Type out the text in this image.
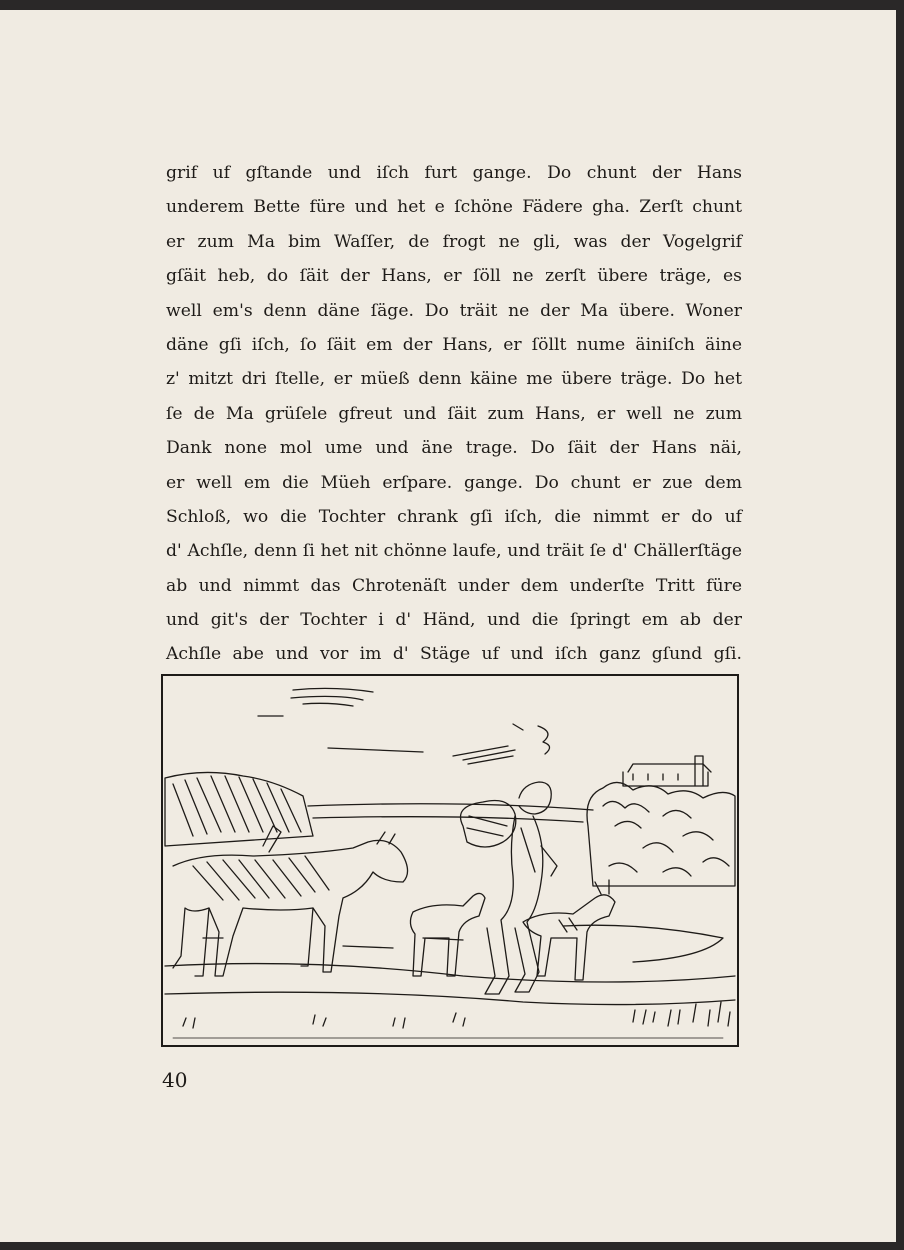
grif uf gſtande und iſch furt gange. Do chunt der Hans
underem Bette füre und het e ſchöne Fädere gha. Zerſt chunt
er zum Ma bim Waſſer, de frogt ne gli, was der Vogelgrif
gſäit heb, do ſäit der Hans, er ſöll ne zerſt übere träge, es
well em's denn däne ſäge. Do träit ne der Ma übere. Woner
däne gſi iſch, ſo ſäit em der Hans, er ſöllt nume äiniſch äine
z' mitzt dri ſtelle, er müeß denn käine me übere träge. Do het
ſe de Ma grüſele gfreut und ſäit zum Hans, er well ne zum
Dank none mol ume und äne trage. Do ſäit der Hans näi,
er well em die Müeh erſpare. gange. Do chunt er zue dem
Schloß, wo die Tochter chrank gſi iſch, die nimmt er do uf
d' Achſle, denn ſi het nit chönne laufe, und träit ſe d' Chällerſtäge
ab und nimmt das Chrotenäſt under dem underſte Tritt füre
und git's der Tochter i d' Händ, und die ſpringt em ab der
Achſle abe und vor im d' Stäge uf und iſch ganz gſund gſi.
40
